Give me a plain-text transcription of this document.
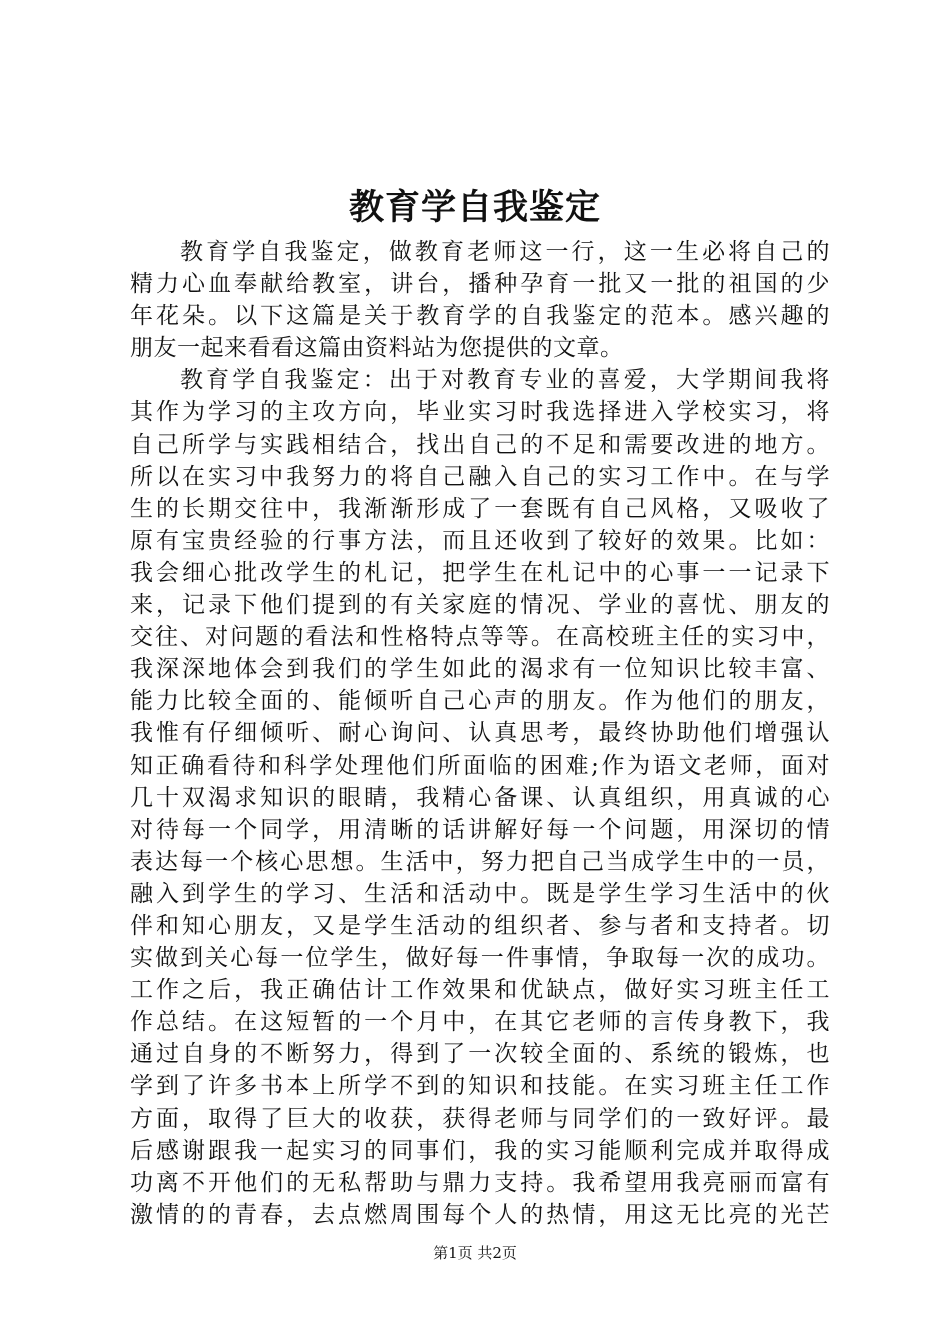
教育学自我鉴定
教育学自我鉴定，做教育老师这一行，这一生必将自己的
精力心血奉献给教室，讲台，播种孕育一批又一批的祖国的少
年花朵。以下这篇是关于教育学的自我鉴定的范本。感兴趣的
朋友一起来看看这篇由资料站为您提供的文章。
教育学自我鉴定：出于对教育专业的喜爱，大学期间我将
其作为学习的主攻方向，毕业实习时我选择进入学校实习，将
自己所学与实践相结合，找出自己的不足和需要改进的地方。
所以在实习中我努力的将自己融入自己的实习工作中。在与学
生的长期交往中，我渐渐形成了一套既有自己风格，又吸收了
原有宝贵经验的行事方法，而且还收到了较好的效果。比如：
我会细心批改学生的札记，把学生在札记中的心事一一记录下
来，记录下他们提到的有关家庭的情况、学业的喜忧、朋友的
交往、对问题的看法和性格特点等等。在高校班主任的实习中，
我深深地体会到我们的学生如此的渴求有一位知识比较丰富、
能力比较全面的、能倾听自己心声的朋友。作为他们的朋友，
我惟有仔细倾听、耐心询问、认真思考，最终协助他们增强认
知正确看待和科学处理他们所面临的困难;作为语文老师，面对
几十双渴求知识的眼睛，我精心备课、认真组织，用真诚的心
对待每一个同学，用清晰的话讲解好每一个问题，用深切的情
表达每一个核心思想。生活中，努力把自己当成学生中的一员，
融入到学生的学习、生活和活动中。既是学生学习生活中的伙
伴和知心朋友，又是学生活动的组织者、参与者和支持者。切
实做到关心每一位学生，做好每一件事情，争取每一次的成功。
工作之后，我正确估计工作效果和优缺点，做好实习班主任工
作总结。在这短暂的一个月中，在其它老师的言传身教下，我
通过自身的不断努力，得到了一次较全面的、系统的锻炼，也
学到了许多书本上所学不到的知识和技能。在实习班主任工作
方面，取得了巨大的收获，获得老师与同学们的一致好评。最
后感谢跟我一起实习的同事们，我的实习能顺利完成并取得成
功离不开他们的无私帮助与鼎力支持。我希望用我亮丽而富有
激情的的青春，去点燃周围每个人的热情，用这无比亮的光芒
第1页 共2页
